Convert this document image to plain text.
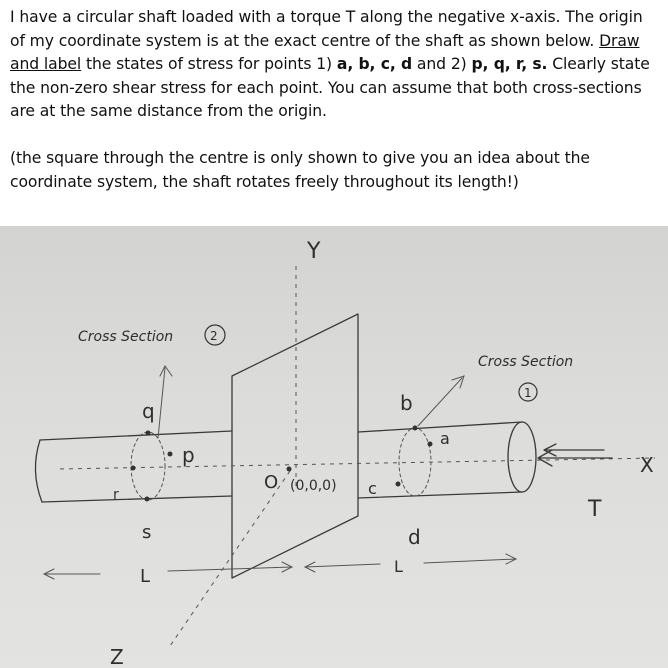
I have a circular shaft loaded with a torque T along the negative x-axis. The origin of my coordinate system is at the exact centre of the shaft as shown below. Draw and label the states of stress for points 1) a, b, c, d and 2) p, q, r, s. Clearly state the non-zero shear stress for each point. You can assume that both cross-sections are at the same distance from the origin.

(the square through the centre is only shown to give you an idea about the coordinate system, the shaft rotates freely throughout its length!)

Cross Section	2
Cross Section
1
Y
X
Z
O (0,0,0)
q
p
r
s
a
b
c
d
T
L	L
